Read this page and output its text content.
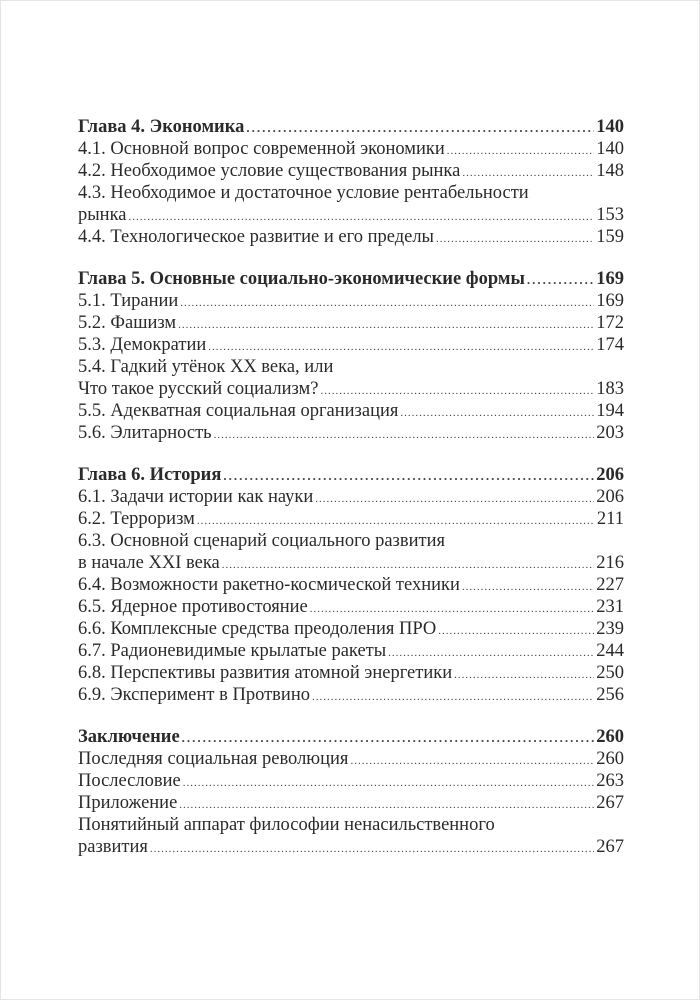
Глава 4. Экономика .....	140
4.1. Основной вопрос современной экономики .....	140
4.2. Необходимое условие существования рынка .....	148
4.3. Необходимое и достаточное условие рентабельности
рынка .....	153
4.4. Технологическое развитие и его пределы .....	159
Глава 5. Основные социально-экономические формы .....	169
5.1. Тирании .....	169
5.2. Фашизм .....	172
5.3. Демократии .....	174
5.4. Гадкий утёнок XX века, или
Что такое русский социализм? .....	183
5.5. Адекватная социальная организация .....	194
5.6. Элитарность .....	203
Глава 6. История .....	206
6.1. Задачи истории как науки .....	206
6.2. Терроризм .....	211
6.3. Основной сценарий социального развития
в начале XXI века .....	216
6.4. Возможности ракетно-космической техники .....	227
6.5. Ядерное противостояние .....	231
6.6. Комплексные средства преодоления ПРО .....	239
6.7. Радионевидимые крылатые ракеты .....	244
6.8. Перспективы развития атомной энергетики .....	250
6.9. Эксперимент в Протвино .....	256
Заключение .....	260
Последняя социальная революция .....	260
Послесловие .....	263
Приложение .....	267
Понятийный аппарат философии ненасильственного
развития .....	267
